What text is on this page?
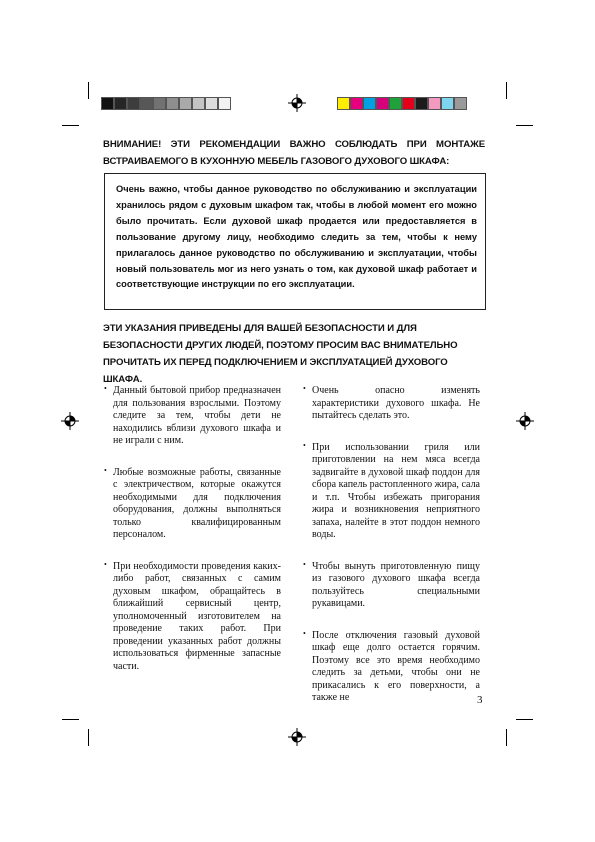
ВНИМАНИЕ! ЭТИ РЕКОМЕНДАЦИИ ВАЖНО СОБЛЮДАТЬ ПРИ МОНТАЖЕ ВСТРАИВАЕМОГО В КУХОННУЮ МЕБЕЛЬ ГАЗОВОГО ДУХОВОГО ШКАФА:
Очень важно, чтобы данное руководство по обслуживанию и эксплуатации хранилось рядом с духовым шкафом так, чтобы в любой момент его можно было прочитать. Если духовой шкаф продается или предоставляется в пользование другому лицу, необходимо следить за тем, чтобы к нему прилагалось данное руководство по обслуживанию и эксплуатации, чтобы новый пользователь мог из него узнать о том, как духовой шкаф работает и соответствующие инструкции по его эксплуатации.
ЭТИ УКАЗАНИЯ ПРИВЕДЕНЫ ДЛЯ ВАШЕЙ БЕЗОПАСНОСТИ И ДЛЯ БЕЗОПАСНОСТИ ДРУГИХ ЛЮДЕЙ, ПОЭТОМУ ПРОСИМ ВАС ВНИМАТЕЛЬНО ПРОЧИТАТЬ ИХ ПЕРЕД ПОДКЛЮЧЕНИЕМ И ЭКСПЛУАТАЦИЕЙ ДУХОВОГО ШКАФА.
• Данный бытовой прибор предназначен для пользования взрослыми. Поэтому следите за тем, чтобы дети не находились вблизи духового шкафа и не играли с ним.
• Любые возможные работы, связанные с электричеством, которые окажутся необходимыми для подключения оборудования, должны выполняться только квалифицированным персоналом.
• При необходимости проведения каких-либо работ, связанных с самим духовым шкафом, обращайтесь в ближайший сервисный центр, уполномоченный изготовителем на проведение таких работ. При проведении указанных работ должны использоваться фирменные запасные части.
• Очень опасно изменять характеристики духового шкафа. Не пытайтесь сделать это.
• При использовании гриля или приготовлении на нем мяса всегда задвигайте в духовой шкаф поддон для сбора капель растопленного жира, сала и т.п. Чтобы избежать пригорания жира и возникновения неприятного запаха, налейте в этот поддон немного воды.
• Чтобы вынуть приготовленную пищу из газового духового шкафа всегда пользуйтесь специальными рукавицами.
• После отключения газовый духовой шкаф еще долго остается горячим. Поэтому все это время необходимо следить за детьми, чтобы они не прикасались к его поверхности, а также не	3
